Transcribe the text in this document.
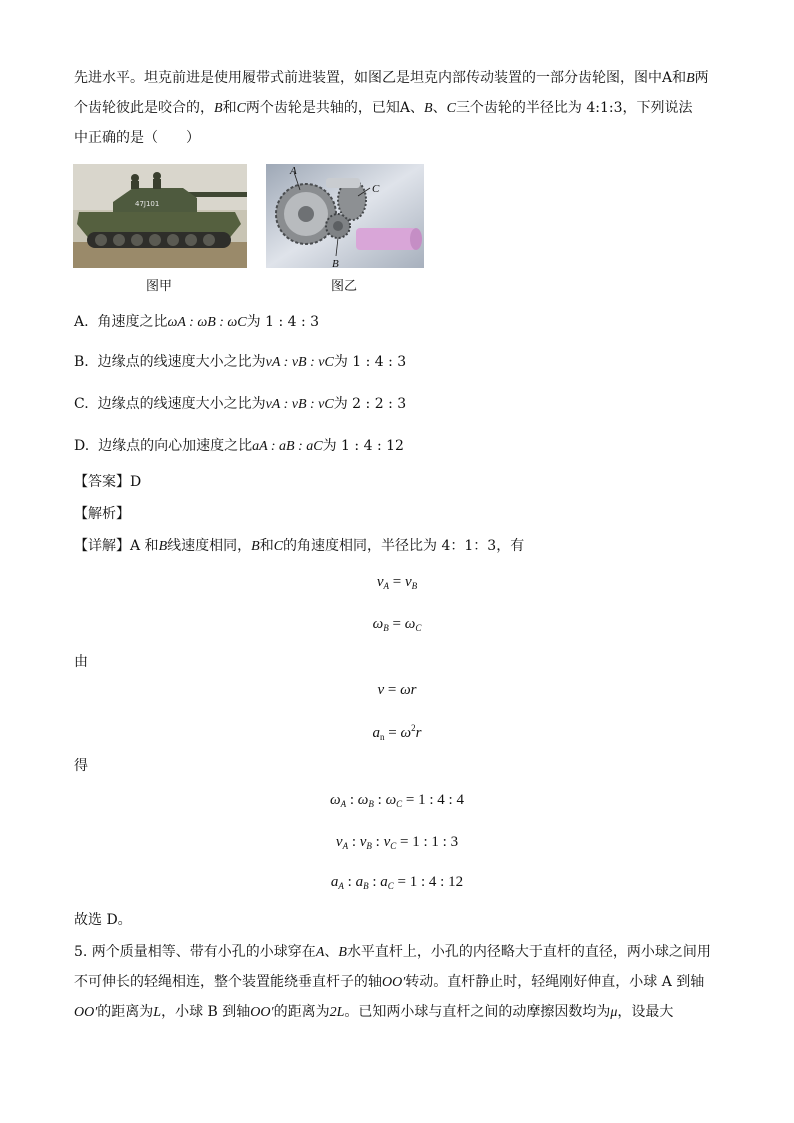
先进水平。坦克前进是使用履带式前进装置，如图乙是坦克内部传动装置的一部分齿轮图，图中A和B两
个齿轮彼此是咬合的，B和C两个齿轮是共轴的，已知A、B、C三个齿轮的半径比为 4:1:3，下列说法
中正确的是（　　）
47J101
图甲
A
C
B
图乙
A. 角速度之比ωA : ωB : ωC为 1 : 4 : 3
B. 边缘点的线速度大小之比为vA : vB : vC为 1 : 4 : 3
C. 边缘点的线速度大小之比为vA : vB : vC为 2 : 2 : 3
D. 边缘点的向心加速度之比aA : aB : aC为 1 : 4 : 12
【答案】D
【解析】
【详解】A 和B线速度相同，B和C的角速度相同，半径比为 4：1：3，有
$v_A = v_B$
$\omega_B = \omega_C$
由
v = ωr
$a_n = \omega^2r$
得
$\omega_A$ : $\omega_B$ : $\omega_C = 1$ : 4 : 4
$v_A$ : $v_B$ : $v_C = 1$ : 1 : 3
$a_A$ : $a_B$ : $a_C = 1$ : 4 : 12
故选 D。
5. 两个质量相等、带有小孔的小球穿在A、B水平直杆上，小孔的内径略大于直杆的直径，两小球之间用
不可伸长的轻绳相连，整个装置能绕垂直杆子的轴OO′转动。直杆静止时，轻绳刚好伸直，小球 A 到轴
OO′的距离为L，小球 B 到轴OO′的距离为2L。已知两小球与直杆之间的动摩擦因数均为μ，设最大
